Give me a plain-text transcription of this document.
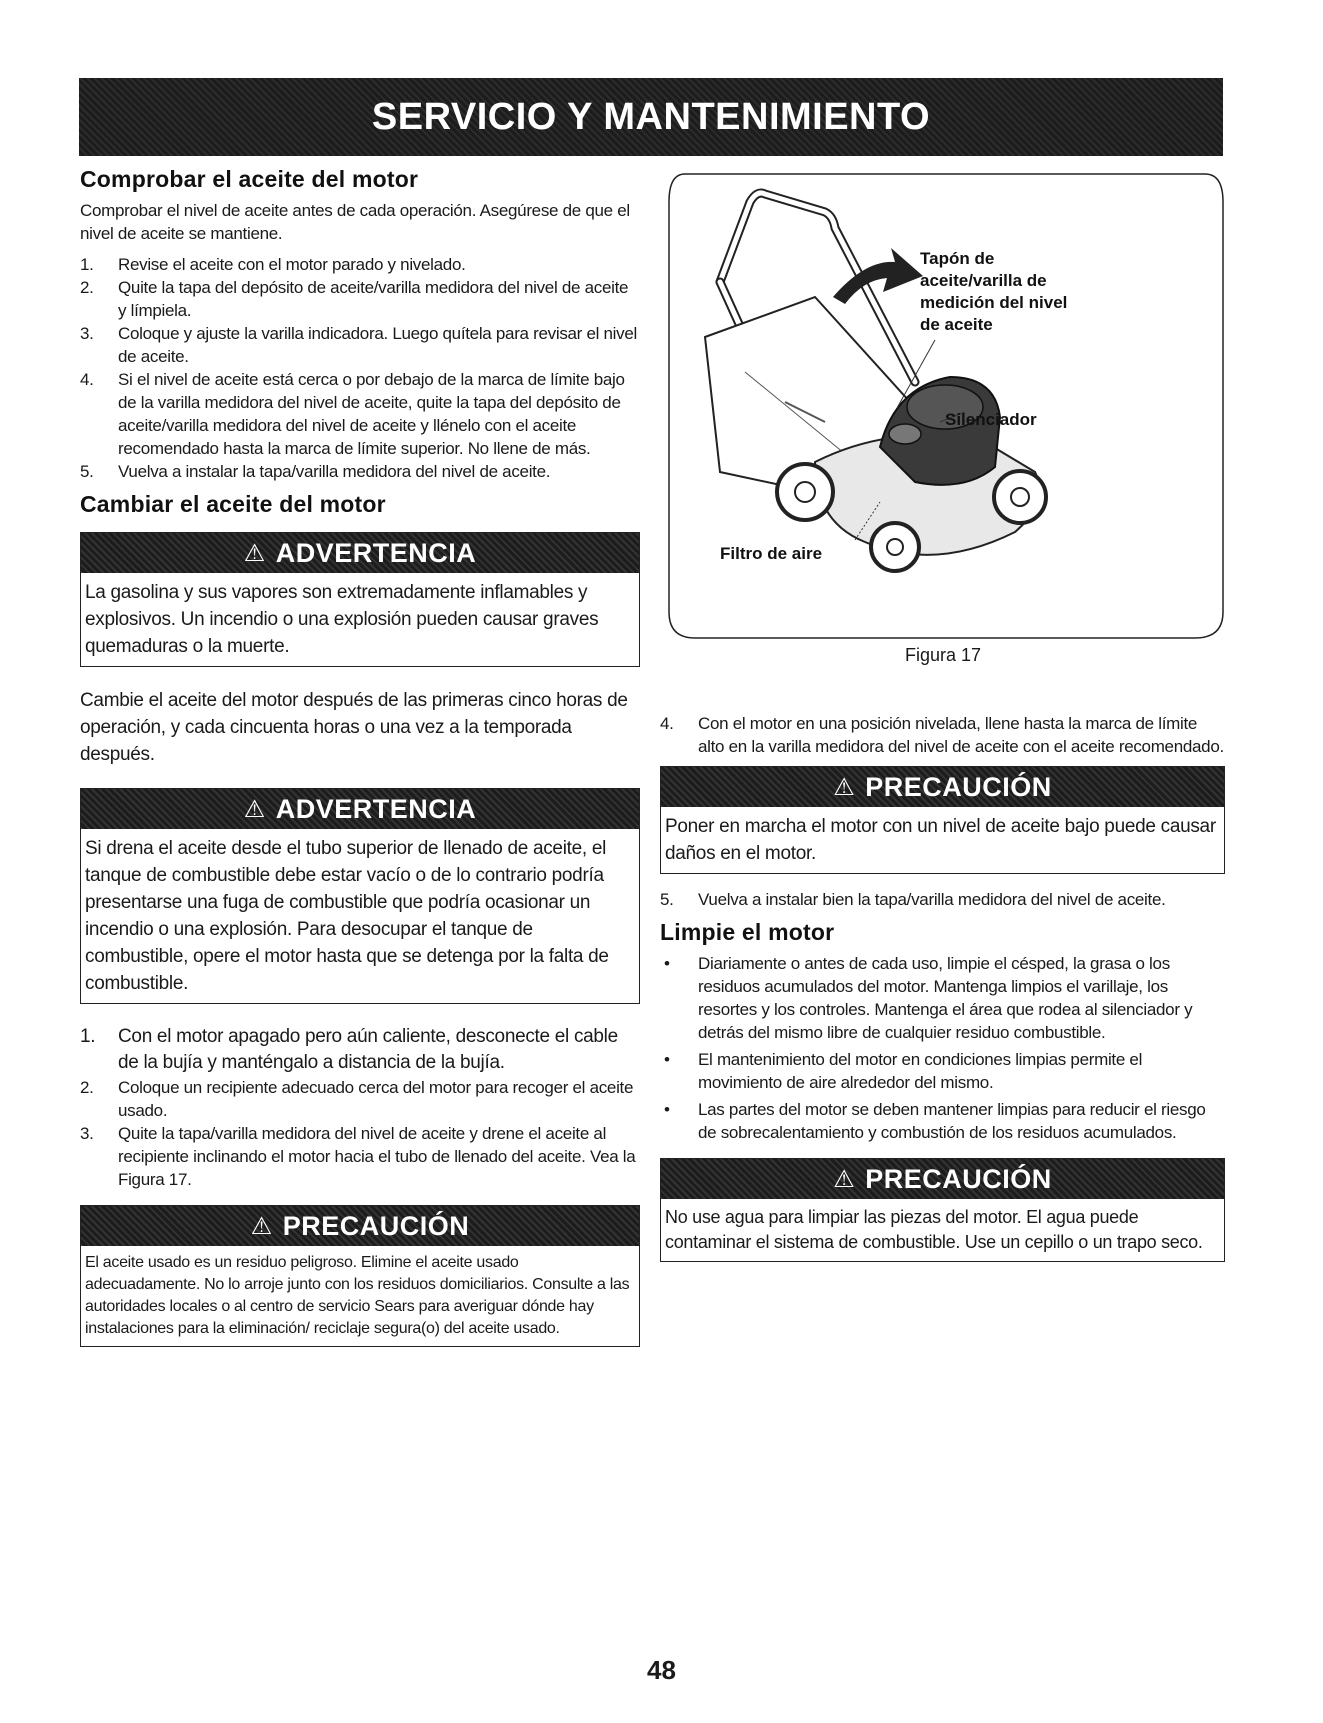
SERVICIO Y MANTENIMIENTO
Comprobar el aceite del motor

Comprobar el nivel de aceite antes de cada operación. Asegúrese de que el nivel de aceite se mantiene.

1. Revise el aceite con el motor parado y nivelado.
2. Quite la tapa del depósito de aceite/varilla medidora del nivel de aceite y límpiela.
3. Coloque y ajuste la varilla indicadora. Luego quítela para revisar el nivel de aceite.
4. Si el nivel de aceite está cerca o por debajo de la marca de límite bajo de la varilla medidora del nivel de aceite, quite la tapa del depósito de aceite/varilla medidora del nivel de aceite y llénelo con el aceite recomendado hasta la marca de límite superior. No llene de más.
5. Vuelva a instalar la tapa/varilla medidora del nivel de aceite.
Cambiar el aceite del motor
⚠ ADVERTENCIA
La gasolina y sus vapores son extremadamente inflamables y explosivos. Un incendio o una explosión pueden causar graves quemaduras o la muerte.

Cambie el aceite del motor después de las primeras cinco horas de operación, y cada cincuenta horas o una vez a la temporada después.

⚠ ADVERTENCIA
Si drena el aceite desde el tubo superior de llenado de aceite, el tanque de combustible debe estar vacío o de lo contrario podría presentarse una fuga de combustible que podría ocasionar un incendio o una explosión. Para desocupar el tanque de combustible, opere el motor hasta que se detenga por la falta de combustible.
1. Con el motor apagado pero aún caliente, desconecte el cable de la bujía y manténgalo a distancia de la bujía.
2. Coloque un recipiente adecuado cerca del motor para recoger el aceite usado.
3. Quite la tapa/varilla medidora del nivel de aceite y drene el aceite al recipiente inclinando el motor hacia el tubo de llenado del aceite. Vea la Figura 17.
⚠ PRECAUCIÓN
El aceite usado es un residuo peligroso. Elimine el aceite usado adecuadamente. No lo arroje junto con los residuos domiciliarios. Consulte a las autoridades locales o al centro de servicio Sears para averiguar dónde hay instalaciones para la eliminación/ reciclaje segura(o) del aceite usado.
Tapón de aceite/varilla de medición del nivel de aceite
Silenciador
Filtro de aire
Figura 17
4. Con el motor en una posición nivelada, llene hasta la marca de límite alto en la varilla medidora del nivel de aceite con el aceite recomendado.
⚠ PRECAUCIÓN
Poner en marcha el motor con un nivel de aceite bajo puede causar daños en el motor.
5. Vuelva a instalar bien la tapa/varilla medidora del nivel de aceite.
Limpie el motor
• Diariamente o antes de cada uso, limpie el césped, la grasa o los residuos acumulados del motor. Mantenga limpios el varillaje, los resortes y los controles. Mantenga el área que rodea al silenciador y detrás del mismo libre de cualquier residuo combustible.
• El mantenimiento del motor en condiciones limpias permite el movimiento de aire alrededor del mismo.
• Las partes del motor se deben mantener limpias para reducir el riesgo de sobrecalentamiento y combustión de los residuos acumulados.
⚠ PRECAUCIÓN
No use agua para limpiar las piezas del motor. El agua puede contaminar el sistema de combustible. Use un cepillo o un trapo seco.
48
